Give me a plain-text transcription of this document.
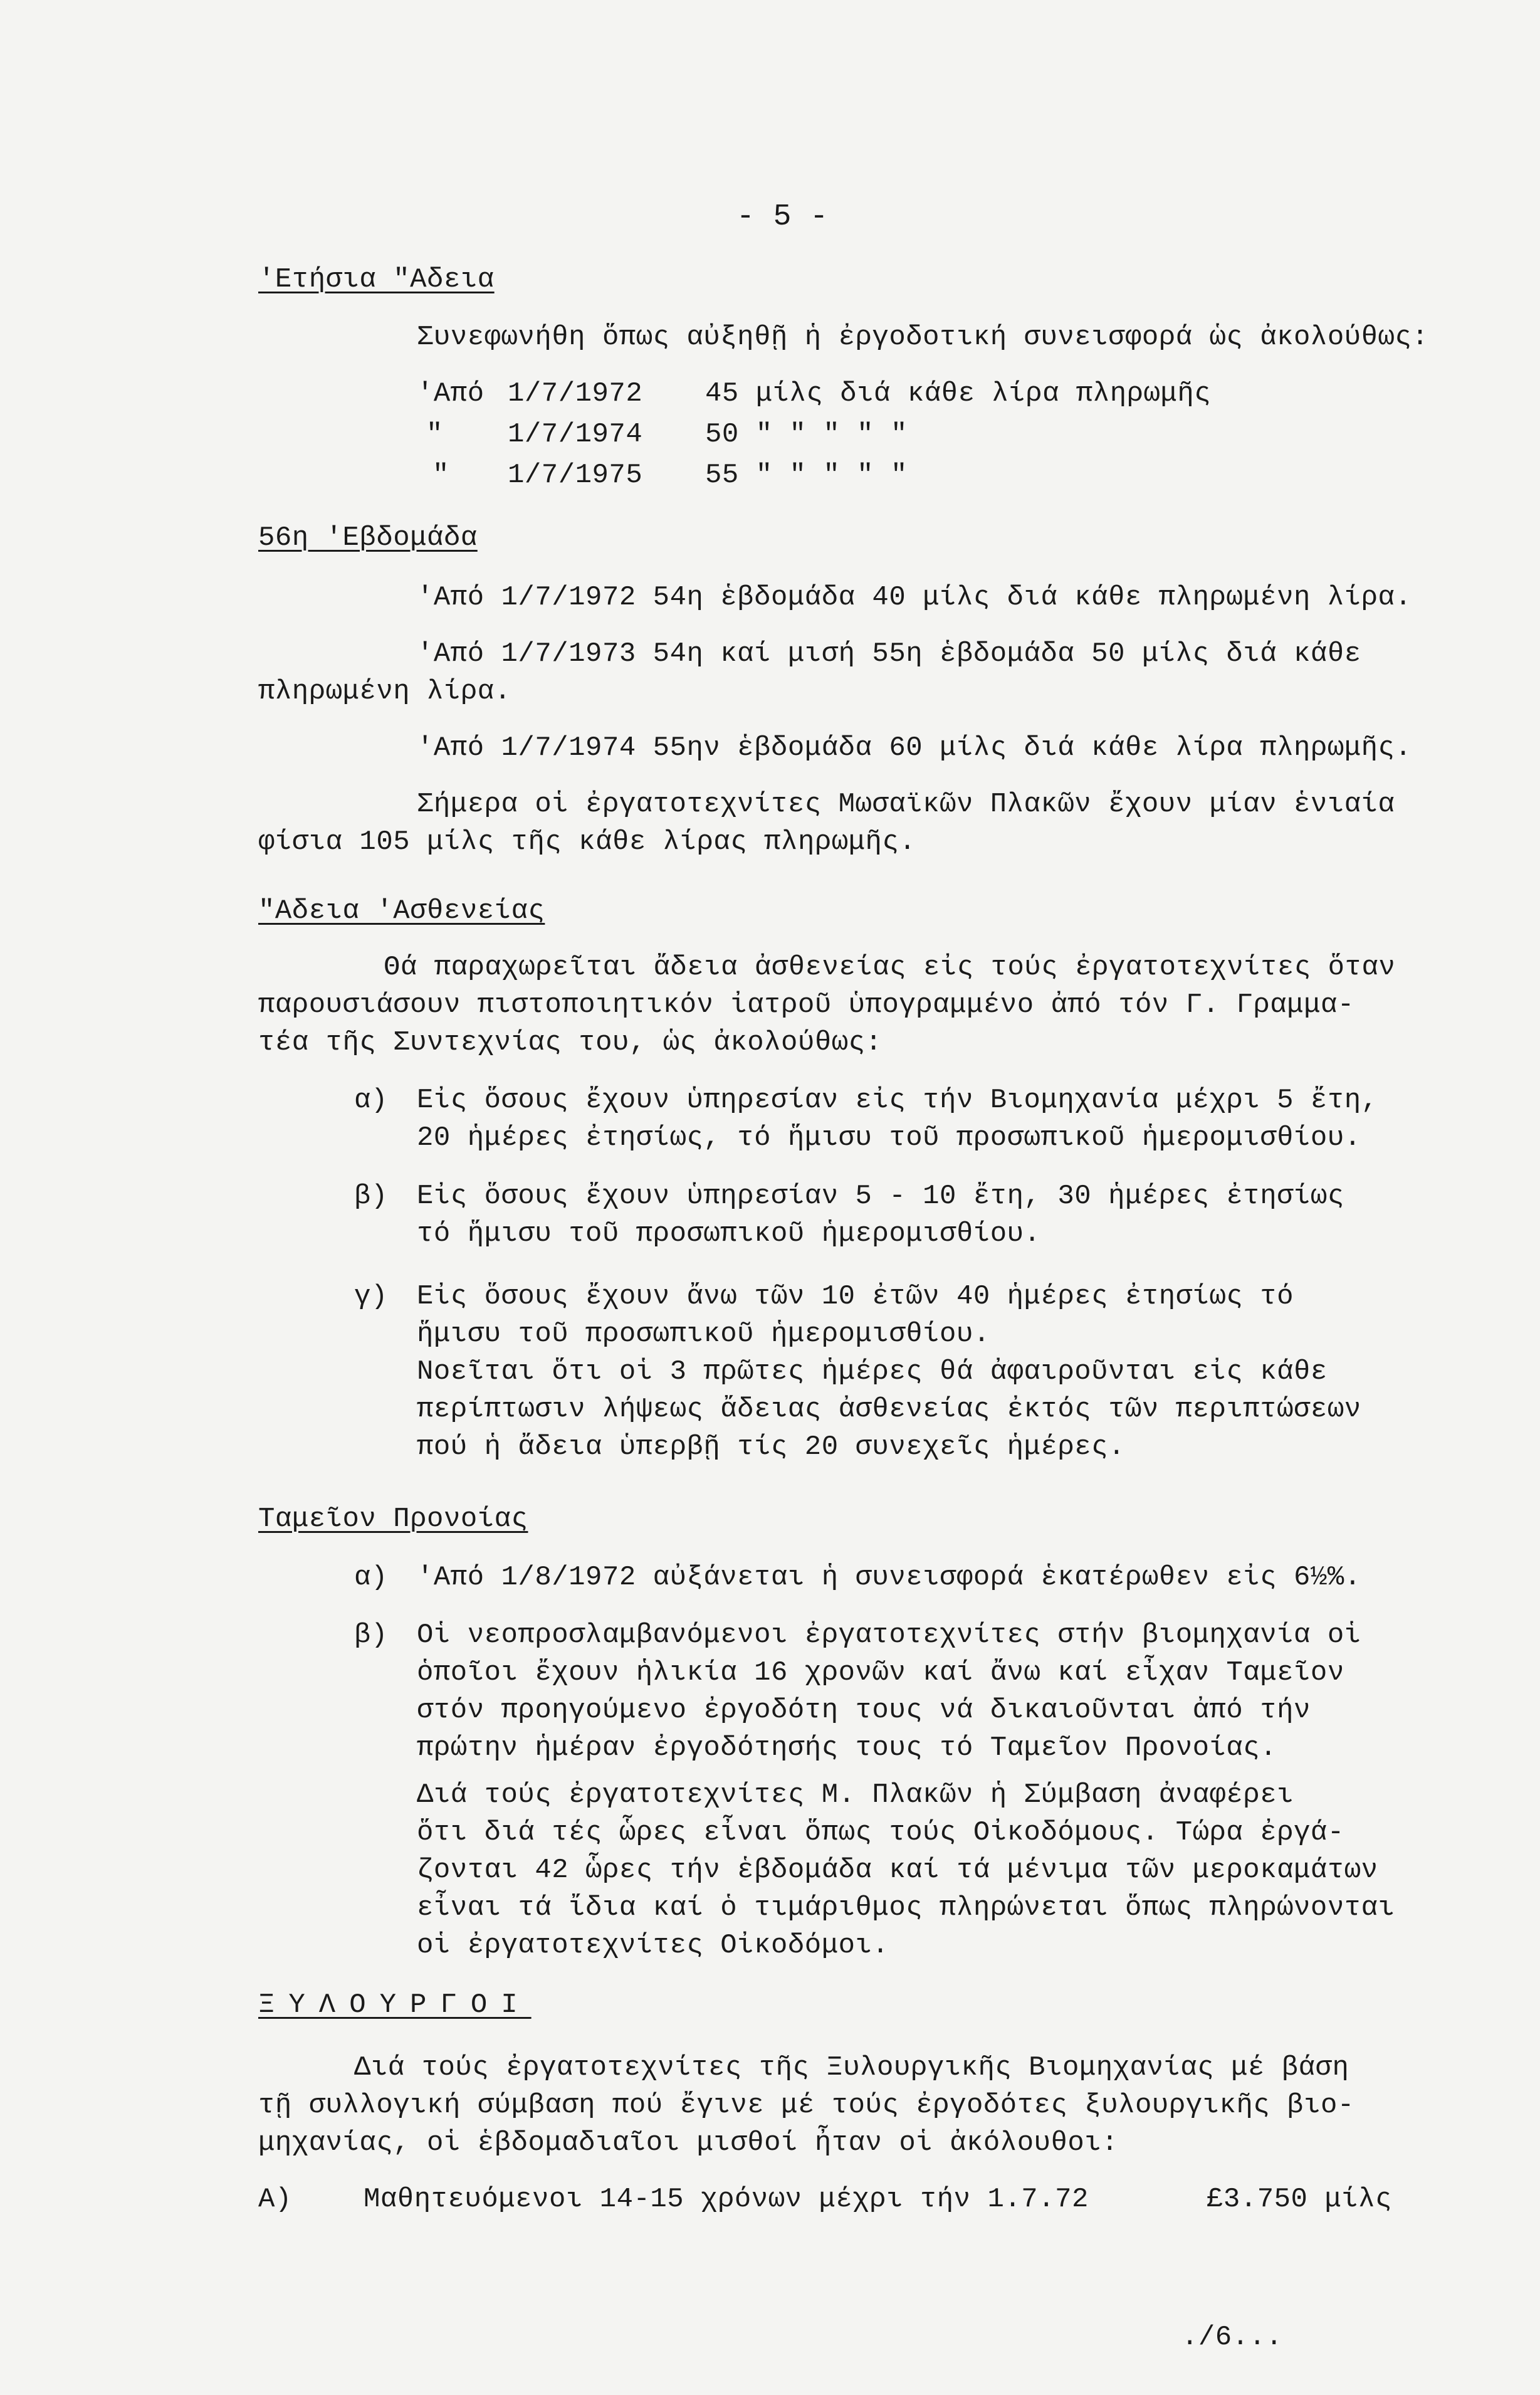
- 5 -
'Ετήσια "Αδεια
Συνεφωνήθη ὅπως αὐξηθῇ ἡ ἐργοδοτική συνεισφορά ὡς ἀκολούθως:
'Από 1/7/1972 45 μίλς διά κάθε λίρα πληρωμῆς
" 1/7/1974 50 " " " " "
" 1/7/1975 55 " " " " "
56η 'Εβδομάδα
'Από 1/7/1972 54η ἑβδομάδα 40 μίλς διά κάθε πληρωμένη λίρα.
'Από 1/7/1973 54η καί μισή 55η ἑβδομάδα 50 μίλς διά κάθε
πληρωμένη λίρα.
'Από 1/7/1974 55ην ἑβδομάδα 60 μίλς διά κάθε λίρα πληρωμῆς.
Σήμερα οἱ ἐργατοτεχνίτες Μωσαϊκῶν Πλακῶν ἔχουν μίαν ἑνιαία
φίσια 105 μίλς τῆς κάθε λίρας πληρωμῆς.
"Αδεια 'Ασθενείας
Θά παραχωρεῖται ἄδεια ἀσθενείας εἰς τούς ἐργατοτεχνίτες ὅταν
παρουσιάσουν πιστοποιητικόν ἰατροῦ ὑπογραμμένο ἀπό τόν Γ. Γραμμα-
τέα τῆς Συντεχνίας του, ὡς ἀκολούθως:
α) Εἰς ὅσους ἔχουν ὑπηρεσίαν εἰς τήν Βιομηχανία μέχρι 5 ἔτη,
20 ἡμέρες ἐτησίως, τό ἥμισυ τοῦ προσωπικοῦ ἡμερομισθίου.
β) Εἰς ὅσους ἔχουν ὑπηρεσίαν 5 - 10 ἔτη, 30 ἡμέρες ἐτησίως
τό ἥμισυ τοῦ προσωπικοῦ ἡμερομισθίου.
γ) Εἰς ὅσους ἔχουν ἄνω τῶν 10 ἐτῶν 40 ἡμέρες ἐτησίως τό
ἥμισυ τοῦ προσωπικοῦ ἡμερομισθίου.
Νοεῖται ὅτι οἱ 3 πρῶτες ἡμέρες θά ἀφαιροῦνται εἰς κάθε
περίπτωσιν λήψεως ἄδειας ἀσθενείας ἐκτός τῶν περιπτώσεων
πού ἡ ἄδεια ὑπερβῇ τίς 20 συνεχεῖς ἡμέρες.
Ταμεῖον Προνοίας
α) 'Από 1/8/1972 αὐξάνεται ἡ συνεισφορά ἑκατέρωθεν εἰς 6½%.
β) Οἱ νεοπροσλαμβανόμενοι ἐργατοτεχνίτες στήν βιομηχανία οἱ
ὁποῖοι ἔχουν ἡλικία 16 χρονῶν καί ἄνω καί εἶχαν Ταμεῖον
στόν προηγούμενο ἐργοδότη τους νά δικαιοῦνται ἀπό τήν
πρώτην ἡμέραν ἐργοδότησής τους τό Ταμεῖον Προνοίας.
Διά τούς ἐργατοτεχνίτες Μ. Πλακῶν ἡ Σύμβαση ἀναφέρει
ὅτι διά τές ὧρες εἶναι ὅπως τούς Οἰκοδόμους. Τώρα ἐργά-
ζονται 42 ὧρες τήν ἑβδομάδα καί τά μένιμα τῶν μεροκαμάτων
εἶναι τά ἴδια καί ὁ τιμάριθμος πληρώνεται ὅπως πληρώνονται
οἱ ἐργατοτεχνίτες Οἰκοδόμοι.
ΞΥΛΟΥΡΓΟΙ
Διά τούς ἐργατοτεχνίτες τῆς Ξυλουργικῆς Βιομηχανίας μέ βάση
τῇ συλλογική σύμβαση πού ἔγινε μέ τούς ἐργοδότες ξυλουργικῆς βιο-
μηχανίας, οἱ ἑβδομαδιαῖοι μισθοί ἦταν οἱ ἀκόλουθοι:
Α)	Μαθητευόμενοι 14-15 χρόνων μέχρι τήν 1.7.72	£3.750 μίλς
./6...
